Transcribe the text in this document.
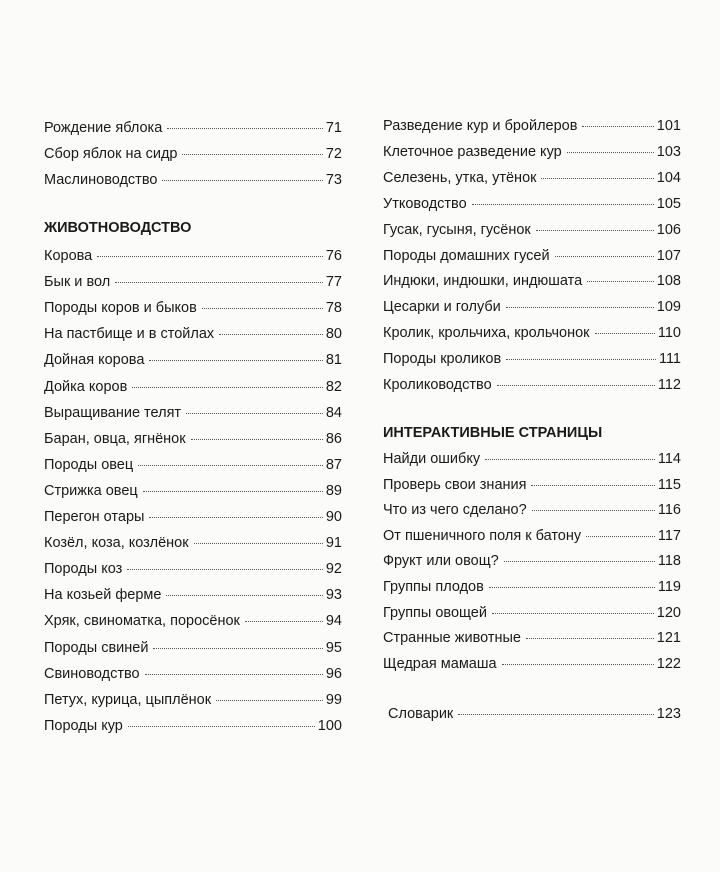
Рождение яблока	71
Сбор яблок на сидр	72
Маслиноводство	73
ЖИВОТНОВОДСТВО
Корова	76
Бык и вол	77
Породы коров и быков	78
На пастбище и в стойлах	80
Дойная корова	81
Дойка коров	82
Выращивание телят	84
Баран, овца, ягнёнок	86
Породы овец	87
Стрижка овец	89
Перегон отары	90
Козёл, коза, козлёнок	91
Породы коз	92
На козьей ферме	93
Хряк, свиноматка, поросёнок	94
Породы свиней	95
Свиноводство	96
Петух, курица, цыплёнок	99
Породы кур	100
Разведение кур и бройлеров	101
Клеточное разведение кур	103
Селезень, утка, утёнок	104
Утководство	105
Гусак, гусыня, гусёнок	106
Породы домашних гусей	107
Индюки, индюшки, индюшата	108
Цесарки и голуби	109
Кролик, крольчиха, крольчонок	110
Породы кроликов	111
Кролиководство	112
ИНТЕРАКТИВНЫЕ СТРАНИЦЫ
Найди ошибку	114
Проверь свои знания	115
Что из чего сделано?	116
От пшеничного поля к батону	117
Фрукт или овощ?	118
Группы плодов	119
Группы овощей	120
Странные животные	121
Щедрая мамаша	122
Словарик	123
